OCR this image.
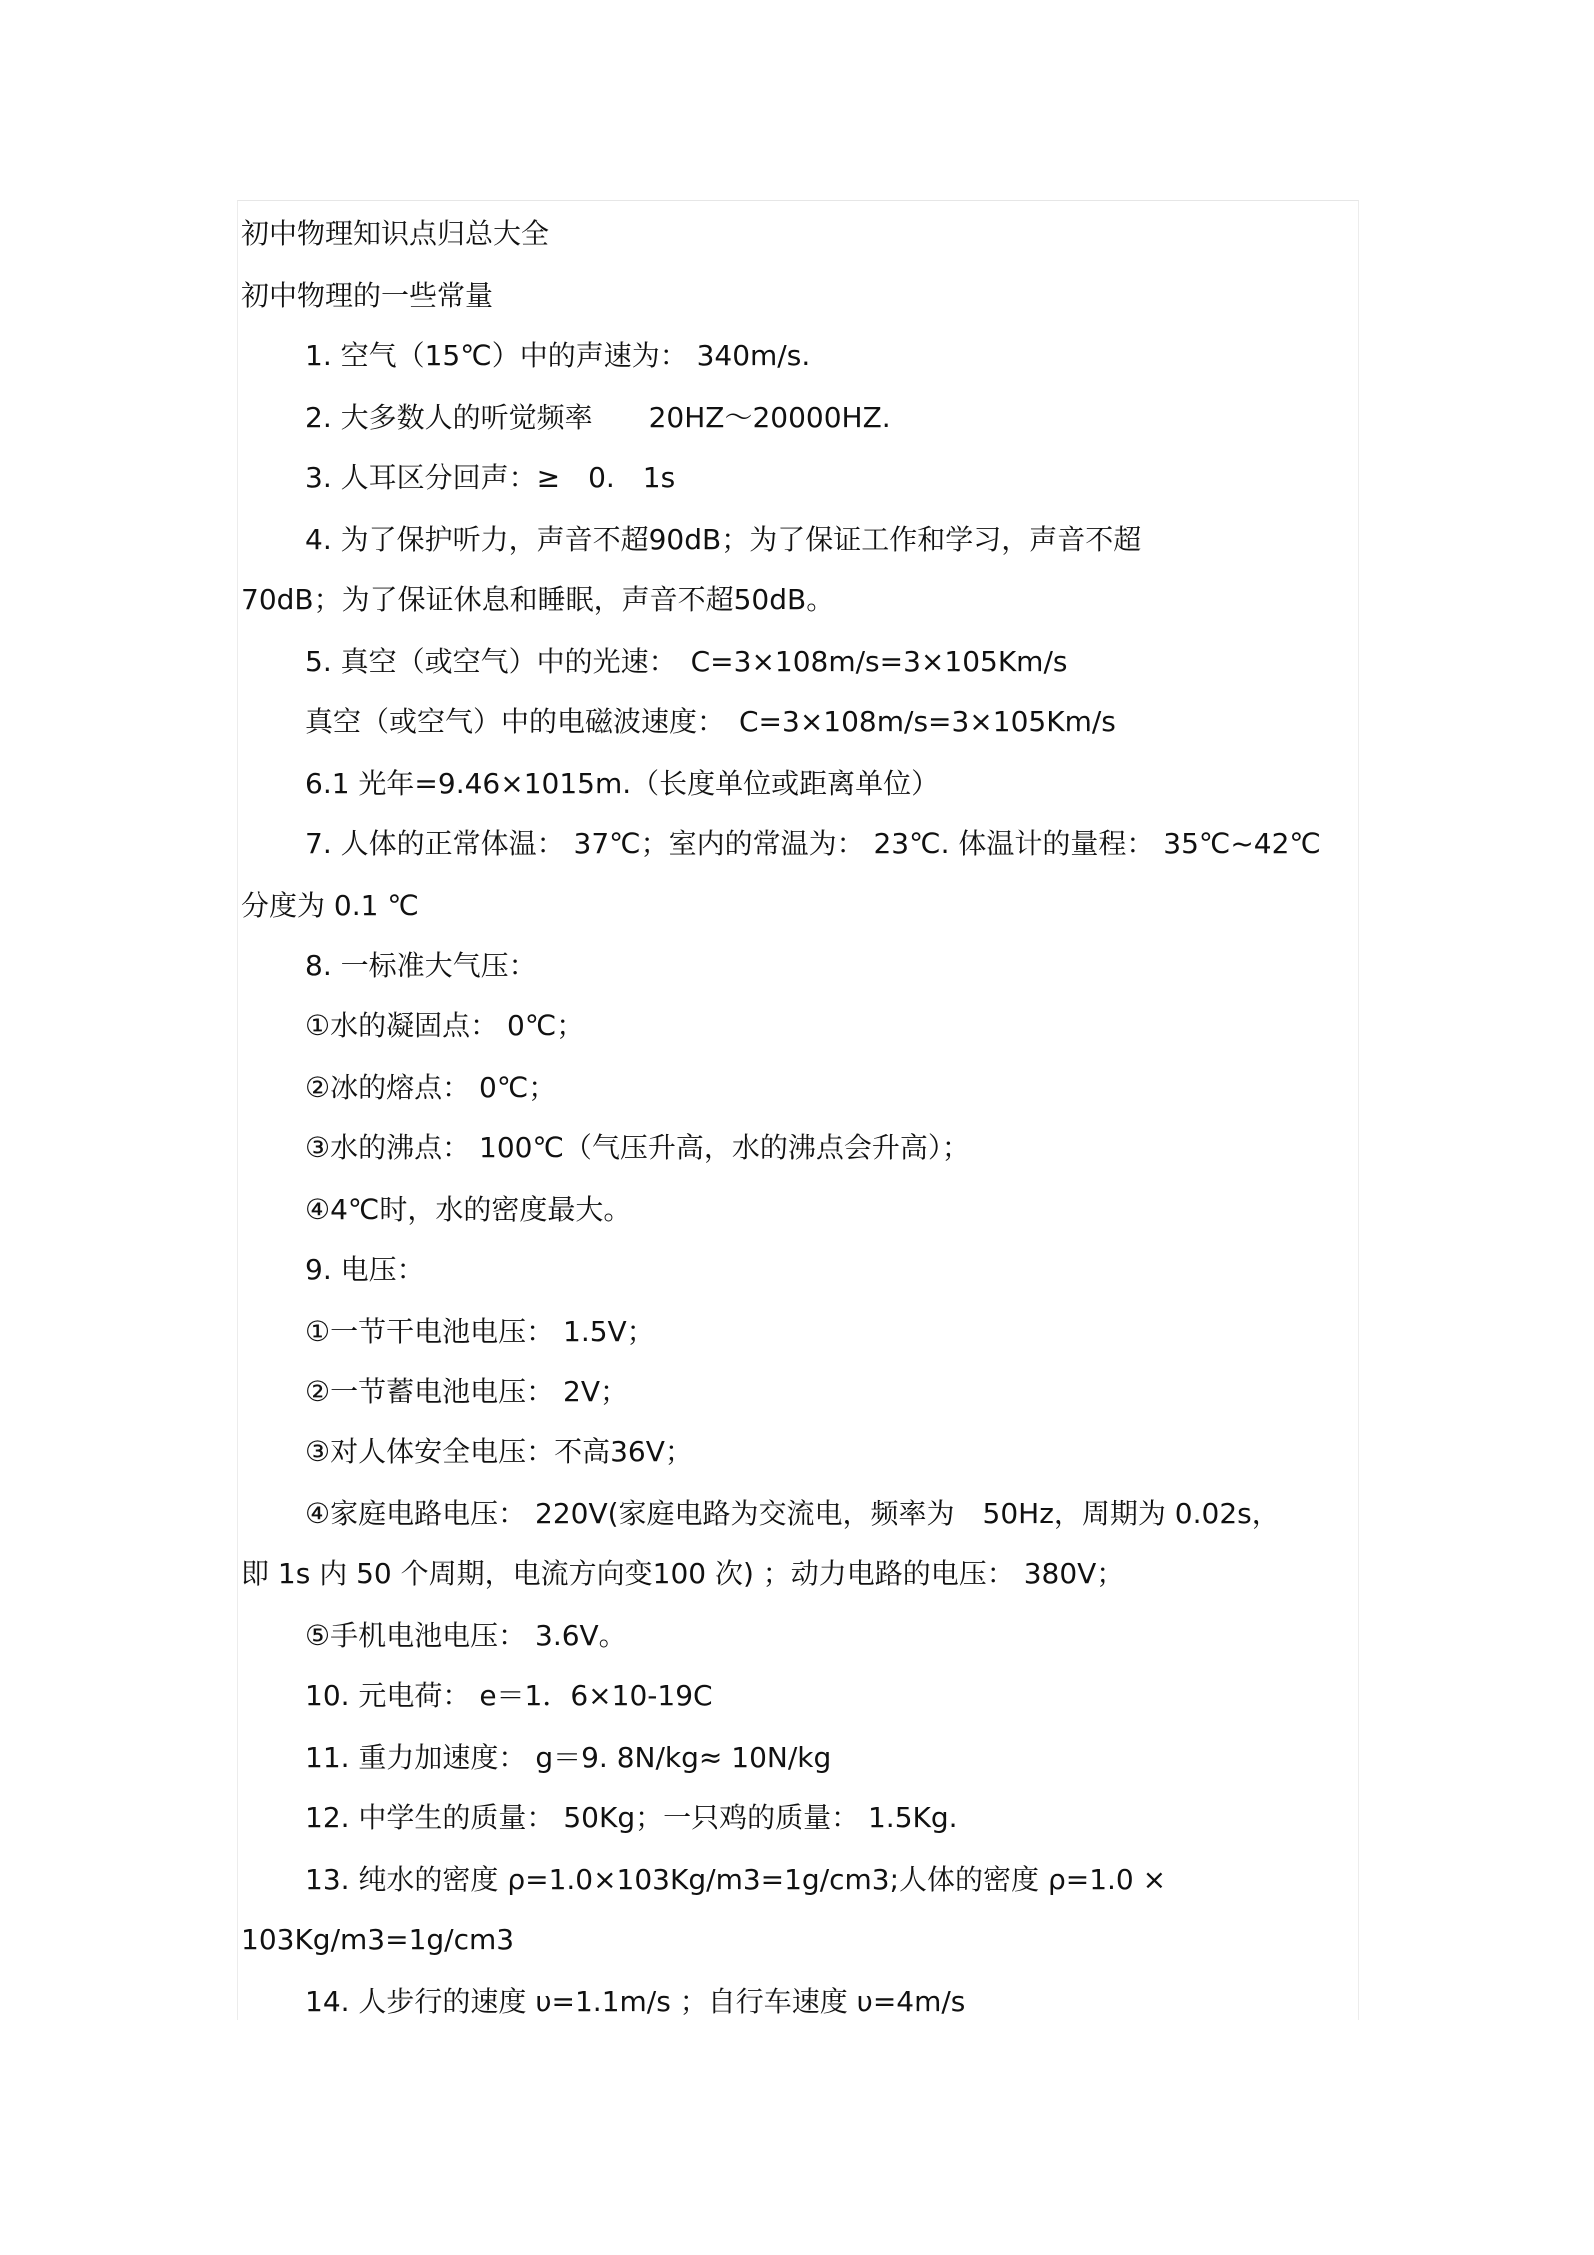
初中物理知识点归总大全

初中物理的一些常量

1. 空气（15℃）中的声速为： 340m/s.

2. 大多数人的听觉频率　　20HZ～20000HZ.

3. 人耳区分回声：≥　0.　1s

4. 为了保护听力，声音不超90dB；为了保证工作和学习，声音不超

70dB；为了保证休息和睡眠，声音不超50dB。

5. 真空（或空气）中的光速：　C=3×108m/s=3×105Km/s

真空（或空气）中的电磁波速度：　C=3×108m/s=3×105Km/s

6.1 光年=9.46×1015m.（长度单位或距离单位）

7. 人体的正常体温： 37℃；室内的常温为： 23℃. 体温计的量程： 35℃~42℃

分度为 0.1 ℃

8. 一标准大气压：

①水的凝固点： 0℃；

②冰的熔点： 0℃；

③水的沸点： 100℃（气压升高，水的沸点会升高）；

④4℃时，水的密度最大。

9. 电压：

①一节干电池电压： 1.5V；

②一节蓄电池电压： 2V；

③对人体安全电压：不高36V；

④家庭电路电压： 220V(家庭电路为交流电，频率为　50Hz，周期为 0.02s，

即 1s 内 50 个周期，电流方向变100 次) ；动力电路的电压： 380V；

⑤手机电池电压： 3.6V。

10. 元电荷： e＝1．6×10-19C

11. 重力加速度： g＝9. 8N/kg≈ 10N/kg

12. 中学生的质量： 50Kg；一只鸡的质量： 1.5Kg.

13. 纯水的密度 ρ=1.0×103Kg/m3=1g/cm3;人体的密度 ρ=1.0 ×

103Kg/m3=1g/cm3

14. 人步行的速度 υ=1.1m/s ；自行车速度 υ=4m/s
